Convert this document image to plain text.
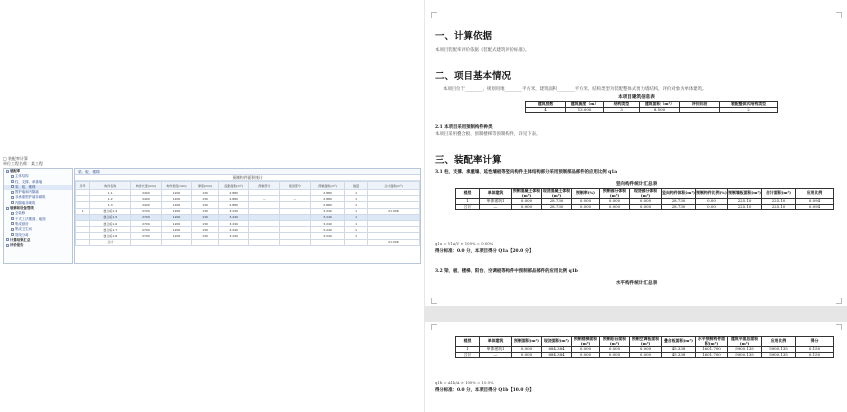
□ 装配率计算
单位工程名称：某工程
装配率
主体结构
柱、支撑、承重墙
梁、板、楼梯
围护墙和内隔墙
非承重围护墙非砌筑
内隔墙非砌筑
装修和设备管线
全装修
干式工法楼面、地面
集成厨房
集成卫生间
管线分离
计算结果汇总
评价报告
梁、板、楼梯
预制构件面积统计
序号	构件名称	构件长度(mm)	构件宽度(mm)	厚度(mm)	投影面积(m²)	预制部分	现浇部分	预制面积(m²)	数量	合计面积(m²)
	1-1	2400	1200	130	2.880			2.880	1	
	1-2	2400	1200	130	2.880	—	—	2.880	1	
	1-3	2400	1200	130	2.880			2.880	1	
1	叠合板1-4	2700	1200	130	3.240			3.240	1	21.006
	叠合板1-5	2700	1200	130	3.240			3.240	1	
	叠合板1-6	2700	1200	130	3.240			3.240	1	
	叠合板1-7	2700	1200	130	3.240			3.240	1	
	叠合板1-8	2700	1200	130	3.240			3.240	1	
	合计									21.006
一、计算依据
本项目装配率评价依据《装配式建筑评价标准》。
二、项目基本情况
本项目位于________，规划用地________平方米，建筑面积________平方米，结构类型为装配整体式剪力墙结构，评价对象为单体建筑。
本项目建筑信息表
建筑层数	建筑高度（m）	结构类型	建筑面积（m²）	评价阶段	装配整体式结构类型
4	13.000	3	8.500		2
2.1 本项目采用预制构件种类
本项目采用叠合板、预制楼梯等预制构件，详见下表。
三、装配率计算
3.1 柱、支撑、承重墙、延性墙板等竖向构件主体结构部分采用预制部品部件的应用比例 q1a
竖向构件统计汇总表
楼层	单体建筑	预制混凝土体积(m³)	现浇混凝土体积(m³)	预制率(%)	预制部分体积(m³)	现浇部分体积(m³)	竖向构件体积(m³)	预制构件比例(%)	预制墙板面积(m²)	合计面积(m²)	应用比例
1	单体建筑1	0.000	28.730	0.000	0.000	0.000	28.730	0.00	225.10	225.10	0.094
合计	—	0.000	28.730	0.000	0.000	0.000	28.730	0.00	225.10	225.10	0.094
q1a = V1a/V × 100% = 0.00%
得分标准：0.0 分，本项目得分 Q1a【20.0 分】
3.2 梁、板、楼梯、阳台、空调板等构件中预制部品部件的应用比例 q1b
水平构件统计汇总表
楼层	单体建筑	预制面积(m²)	现浇面积(m²)	预制楼梯面积(m²)	预制阳台面积(m²)	预制空调板面积(m²)	叠合板面积(m²)	水平预制构件面积(m²)	建筑平面总面积(m²)	应用比例	得分
1	单体建筑1	0.000	684.384	0.000	0.000	0.000	45.338	1601.700	5900.135	5900.135	0.150
合计	—	0.000	684.384	0.000	0.000	0.000	45.338	1601.700	5900.135	5900.135	0.150
q1b = A1b/A × 100% = 10.0%
得分标准：0.0 分，本项目得分 Q1b【10.0 分】
